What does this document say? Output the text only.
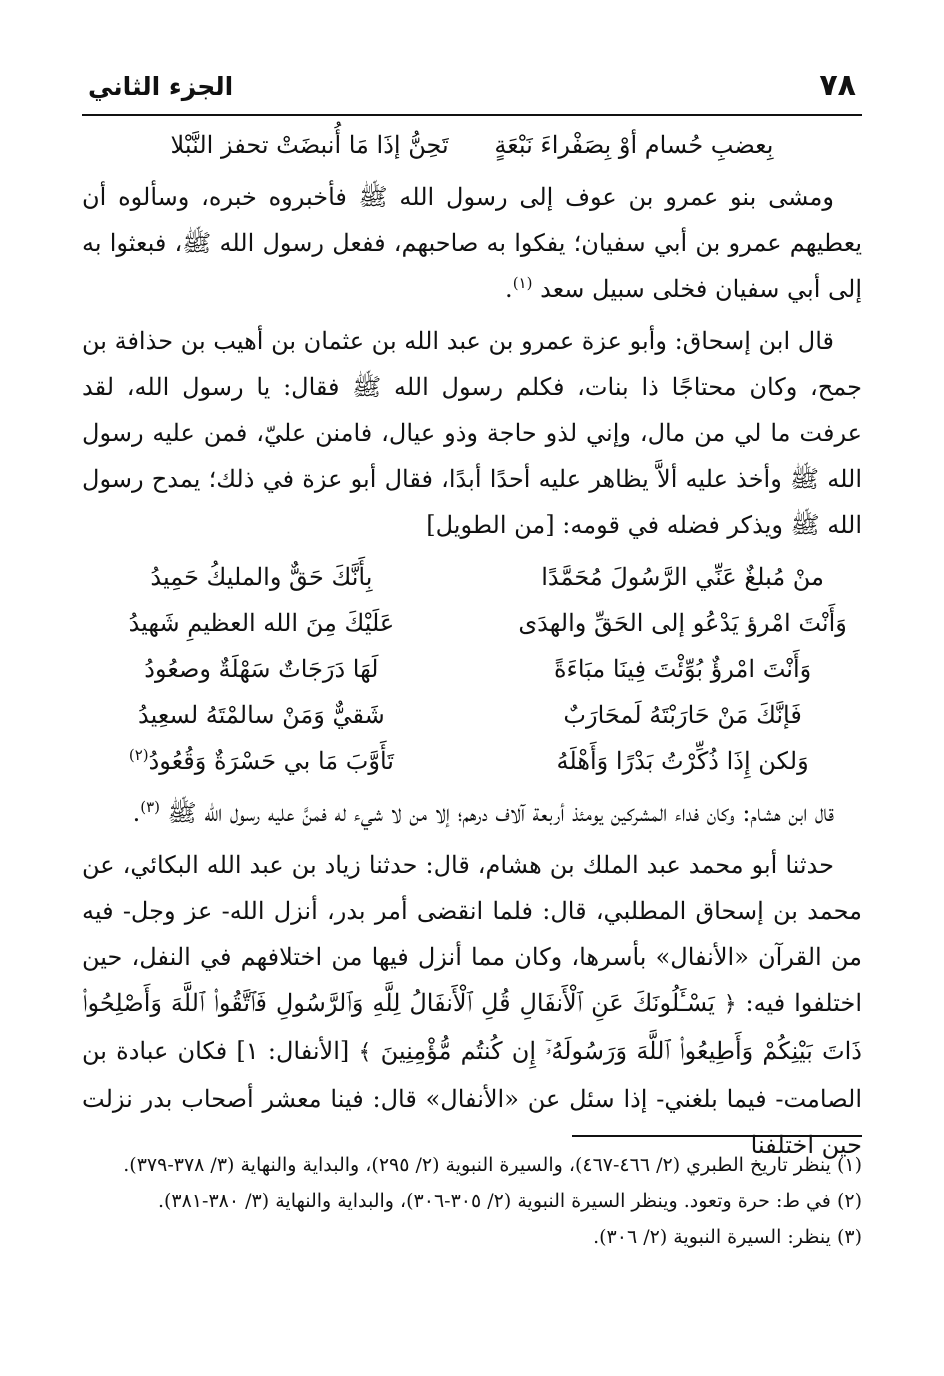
٧٨
الجزء الثاني

بِعضبِ حُسام أوْ بِصَفْراءَ نَبْعَةٍ      تَحِنُّ إذَا مَا أُنبضَتْ تحفز النَّبْلا

ومشى بنو عمرو بن عوف إلى رسول الله ﷺ فأخبروه خبره، وسألوه أن يعطيهم عمرو بن أبي سفيان؛ يفكوا به صاحبهم، ففعل رسول الله ﷺ، فبعثوا به إلى أبي سفيان فخلى سبيل سعد $^{(١)}$.

قال ابن إسحاق: وأبو عزة عمرو بن عبد الله بن عثمان بن أهيب بن حذافة بن جمح، وكان محتاجًا ذا بنات، فكلم رسول الله ﷺ فقال: يا رسول الله، لقد عرفت ما لي من مال، وإني لذو حاجة وذو عيال، فامنن عليّ، فمن عليه رسول الله ﷺ وأخذ عليه ألاَّ يظاهر عليه أحدًا أبدًا، فقال أبو عزة في ذلك؛ يمدح رسول الله ﷺ ويذكر فضله في قومه: [من الطويل]

منْ مُبلغٌ عَنِّي الرَّسُولَ مُحَمَّدًا
بِأَنَّكَ حَقٌّ والمليكُ حَمِيدُ
وَأَنْتَ امْرؤ يَدْعُو إلى الحَقِّ والهدَى
عَلَيْكَ مِنَ الله العظيمِ شَهيدُ
وَأَنْتَ امْرؤٌ بُوِّئْتَ فِينَا مبَاءَةً
لَهَا دَرَجَاتٌ سَهْلَةٌ وصعُودُ
فَإنَّكَ مَنْ حَارَبْتَهُ لَمحَارَبٌ
شَقيٌّ وَمَنْ سالمْتَهُ لسعِيدُ
وَلكن إِذَا ذُكِّرْتُ بَدْرًا وَأَهْلَهُ
تَأَوَّبَ مَا بي حَسْرَةٌ وَقُعُودُ$^{(٢)}$

قال ابن هشام: وكان فداء المشركين يومئذ أربعة آلاف درهم؛ إلا من لا شيء له فمنَّ عليه رسول الله ﷺ $^{(٣)}$.

حدثنا أبو محمد عبد الملك بن هشام، قال: حدثنا زياد بن عبد الله البكائي، عن محمد بن إسحاق المطلبي، قال: فلما انقضى أمر بدر، أنزل الله- عز وجل- فيه من القرآن «الأنفال» بأسرها، وكان مما أنزل فيها من اختلافهم في النفل، حين اختلفوا فيه: ﴿ يَسْـَٔلُونَكَ عَنِ ٱلْأَنفَالِ قُلِ ٱلْأَنفَالُ لِلَّهِ وَٱلرَّسُولِ فَٱتَّقُوا۟ ٱللَّهَ وَأَصْلِحُوا۟ ذَاتَ بَيْنِكُمْ وَأَطِيعُوا۟ ٱللَّهَ وَرَسُولَهُۥٓ إِن كُنتُم مُّؤْمِنِينَ ﴾ [الأنفال: ١] فكان عبادة بن الصامت- فيما بلغني- إذا سئل عن «الأنفال» قال: فينا معشر أصحاب بدر نزلت حين اختلفنا

(١) ينظر تاريخ الطبري (٢/ ٤٦٦-٤٦٧)، والسيرة النبوية (٢/ ٢٩٥)، والبداية والنهاية (٣/ ٣٧٨-٣٧٩).

(٢) في ط: حرة وتعود. وينظر السيرة النبوية (٢/ ٣٠٥-٣٠٦)، والبداية والنهاية (٣/ ٣٨٠-٣٨١).

(٣) ينظر: السيرة النبوية (٢/ ٣٠٦).
